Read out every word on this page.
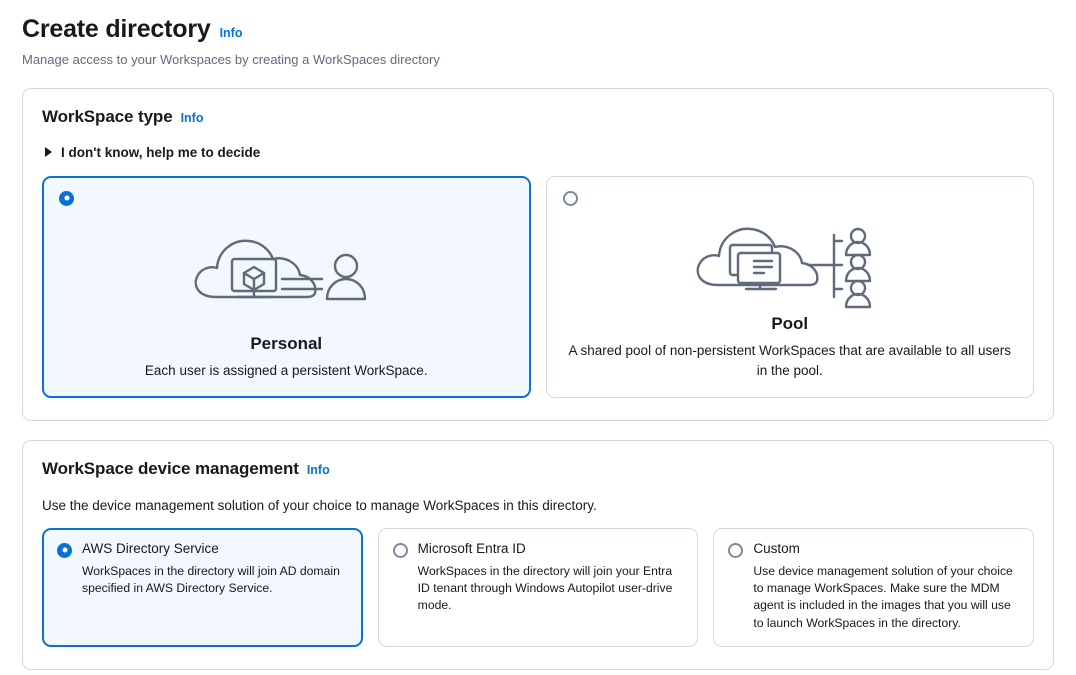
Create directory Info
Manage access to your Workspaces by creating a WorkSpaces directory
WorkSpace type Info
I don't know, help me to decide
Personal
Each user is assigned a persistent WorkSpace.
Pool
A shared pool of non-persistent WorkSpaces that are available to all users in the pool.
WorkSpace device management Info
Use the device management solution of your choice to manage WorkSpaces in this directory.
AWS Directory Service
WorkSpaces in the directory will join AD domain specified in AWS Directory Service.
Microsoft Entra ID
WorkSpaces in the directory will join your Entra ID tenant through Windows Autopilot user-drive mode.
Custom
Use device management solution of your choice to manage WorkSpaces. Make sure the MDM agent is included in the images that you will use to launch WorkSpaces in the directory.
